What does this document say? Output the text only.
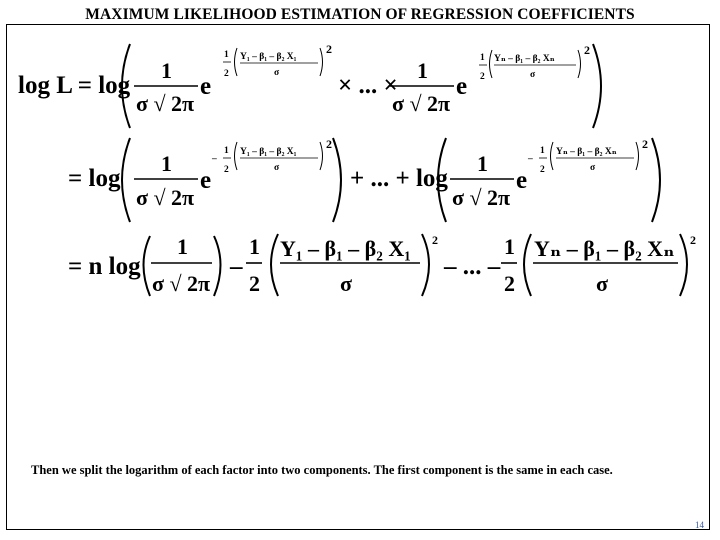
MAXIMUM LIKELIHOOD ESTIMATION OF REGRESSION COEFFICIENTS
log L = log
1
σ √ 2π
e
1
2
Y₁ – β₁ – β₂ X₁
σ
2
× ... ×
1
σ √ 2π
e
1
2
Yₙ – β₁ – β₂ Xₙ
σ
2
= log
1
σ √ 2π
e
–
1
2
Y₁ – β₁ – β₂ X₁
σ
2
+ ... + log
1
σ √ 2π
e
–
1
2
Yₙ – β₁ – β₂ Xₙ
σ
2
= n log
1
σ √ 2π
–
1
2
Y₁ – β₁ – β₂ X₁
σ
2
– ... –
1
2
Yₙ – β₁ – β₂ Xₙ
σ
2
Then we split the logarithm of each factor into two components. The first component is the same in each case.
14
